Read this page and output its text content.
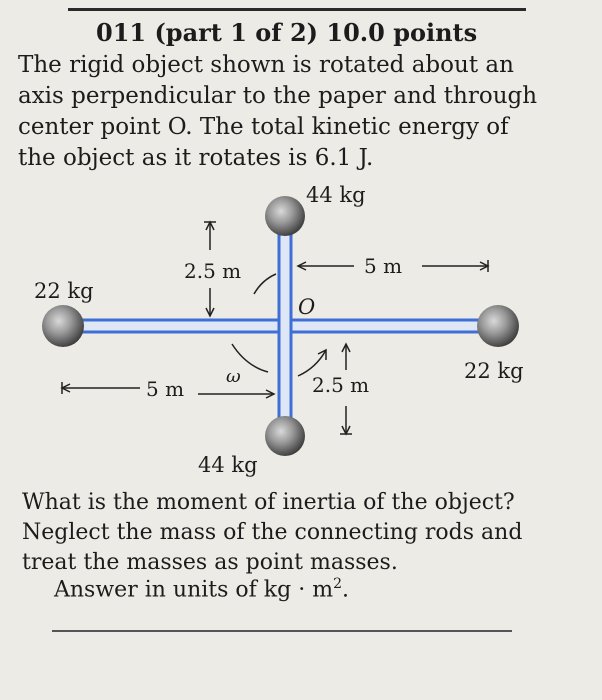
011 (part 1 of 2) 10.0 points

The rigid object shown is rotated about an axis perpendicular to the paper and through center point O. The total kinetic energy of the object as it rotates is 6.1 J.

44 kg
44 kg
22 kg
22 kg
2.5 m
2.5 m
5 m
5 m
O
ω

What is the moment of inertia of the object? Neglect the mass of the connecting rods and treat the masses as point masses.

Answer in units of kg · $m^2$.
